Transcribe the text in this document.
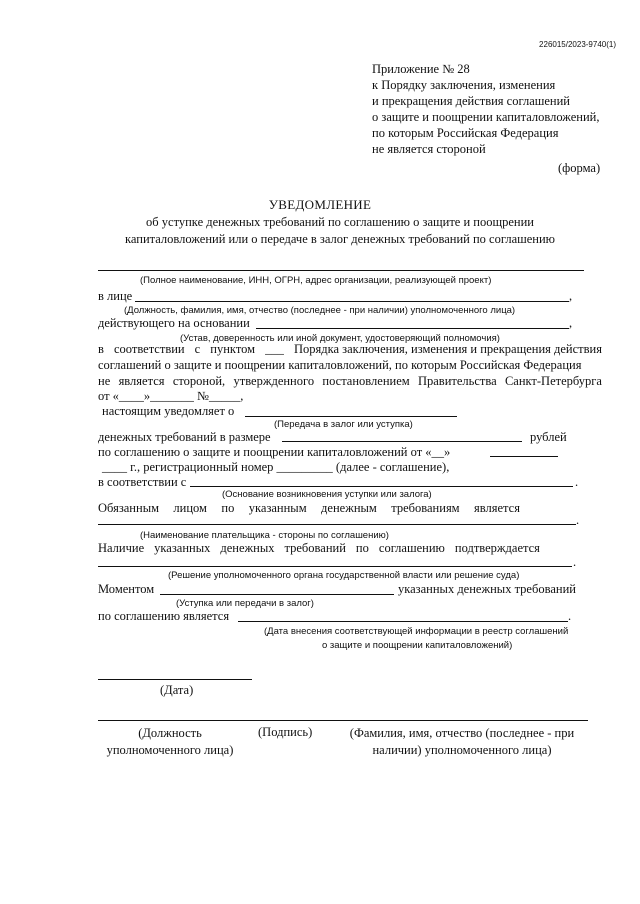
226015/2023-9740(1)
Приложение № 28
к Порядку заключения, изменения
и прекращения действия соглашений
о защите и поощрении капиталовложений,
по которым Российская Федерация
не является стороной
(форма)
УВЕДОМЛЕНИЕ
об уступке денежных требований по соглашению о защите и поощрении
капиталовложений или о передаче в залог денежных требований по соглашению
(Полное наименование, ИНН, ОГРН, адрес организации, реализующей проект)
в лице	,
(Должность, фамилия, имя, отчество (последнее - при наличии) уполномоченного лица)
действующего на основании	,
(Устав, доверенность или иной документ, удостоверяющий полномочия)
в соответствии с пунктом ___ Порядка заключения, изменения и прекращения действия
соглашений о защите и поощрении капиталовложений, по которым Российская Федерация
не является стороной, утвержденного постановлением Правительства Санкт-Петербурга
от «____»_______ №_____,
настоящим уведомляет о
(Передача в залог или уступка)
денежных требований в размере	рублей
по соглашению о защите и поощрении капиталовложений от «__»
____ г., регистрационный номер _________ (далее - соглашение),
в соответствии с	.
(Основание возникновения уступки или залога)
Обязанным лицом по указанным денежным требованиям является
.
(Наименование плательщика - стороны по соглашению)
Наличие указанных денежных требований по соглашению подтверждается
.
(Решение уполномоченного органа государственной власти или решение суда)
Моментом	указанных денежных требований
(Уступка или передачи в залог)
по соглашению является	.
(Дата внесения соответствующей информации в реестр соглашений
о защите и поощрении капиталовложений)
(Дата)
(Должность
уполномоченного лица)
(Подпись)	(Фамилия, имя, отчество (последнее - при
наличии) уполномоченного лица)
